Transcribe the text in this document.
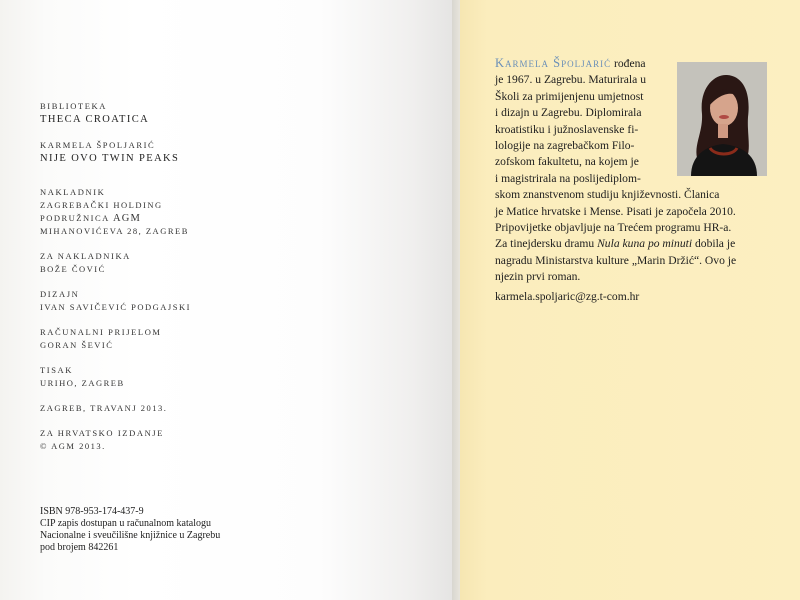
BIBLIOTEKA
THECA CROATICA
KARMELA ŠPOLJARIĆ
NIJE OVO TWIN PEAKS
NAKLADNIK
ZAGREBAČKI HOLDING
PODRUŽNICA AGM
MIHANOVIĆEVA 28, ZAGREB
ZA NAKLADNIKA
BOŽE ČOVIĆ
DIZAJN
IVAN SAVIČEVIĆ PODGAJSKI
RAČUNALNI PRIJELOM
GORAN ŠEVIĆ
TISAK
URIHO, ZAGREB
ZAGREB, TRAVANJ 2013.
ZA HRVATSKO IZDANJE
© AGM 2013.
ISBN 978-953-174-437-9
CIP zapis dostupan u računalnom katalogu
Nacionalne i sveučilišne knjižnice u Zagrebu
pod brojem 842261
Karmela Špoljarić rođena
je 1967. u Zagrebu. Maturirala u
Školi za primijenjenu umjetnost
i dizajn u Zagrebu. Diplomirala
kroatistiku i južnoslavenske fi-
lologije na zagrebačkom Filo-
zofskom fakultetu, na kojem je
i magistrirala na poslijediplom-
skom znanstvenom studiju književnosti. Članica
je Matice hrvatske i Mense. Pisati je započela 2010.
Pripovijetke objavljuje na Trećem programu HR-a.
Za tinejdersku dramu Nula kuna po minuti dobila je
nagradu Ministarstva kulture „Marin Držić“. Ovo je
njezin prvi roman.
karmela.spoljaric@zg.t-com.hr
